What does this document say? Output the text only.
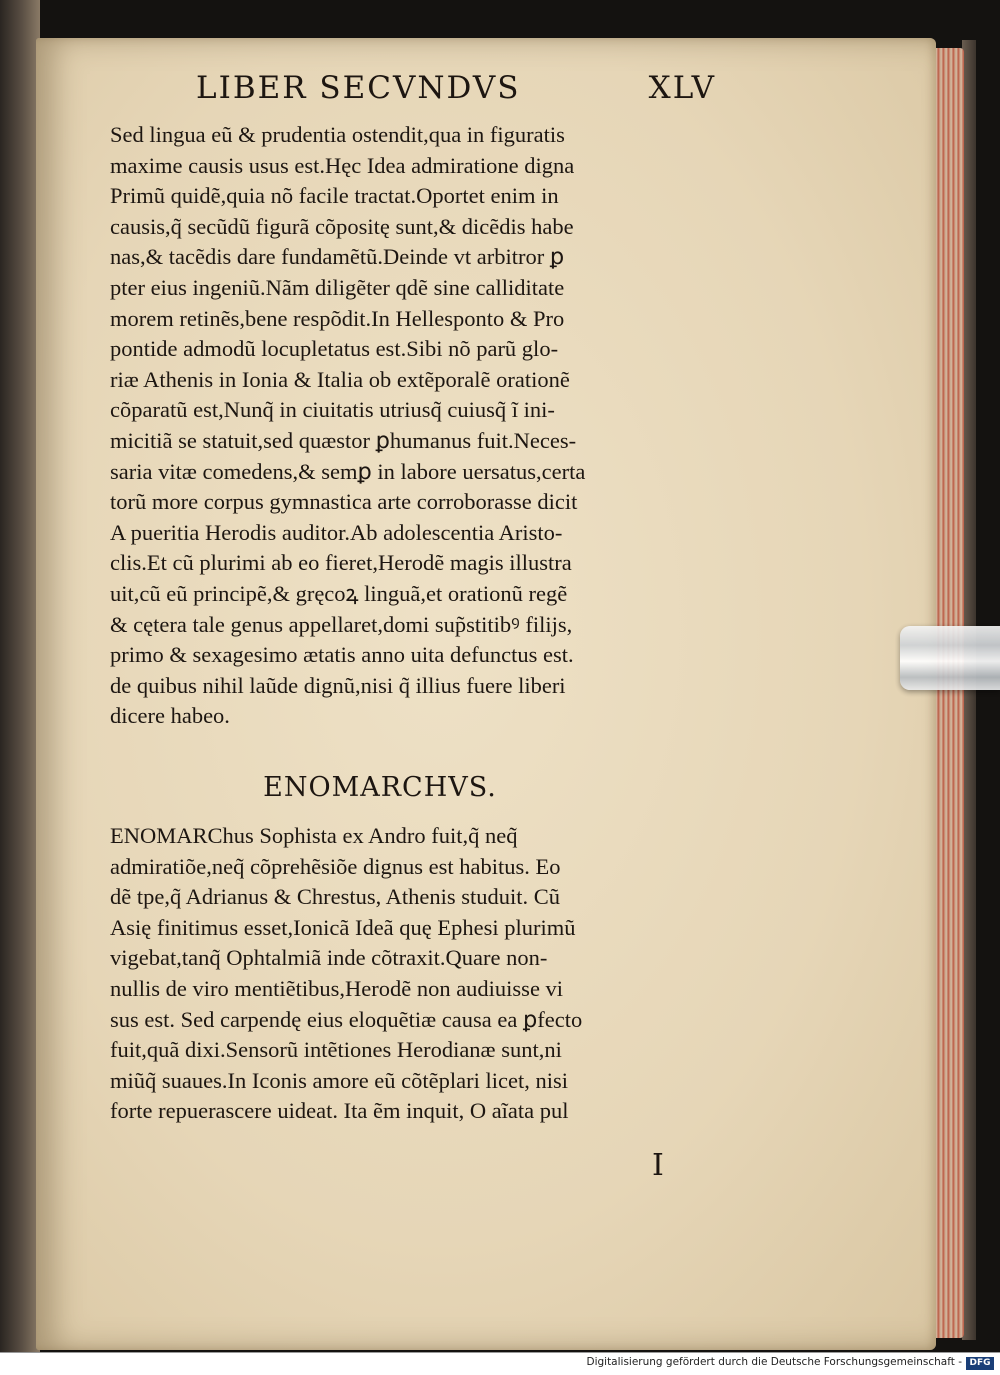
LIBER SECVNDVS	XLV
Sed lingua eũ & prudentia ostendit,qua in figuratis
maxime causis usus est.Hęc Idea admiratione digna
Primũ quidẽ,quia nõ facile tractat.Oportet enim in
causis,q̃ secũdũ figurã cõpositę sunt,& dicẽdis habe
nas,& tacẽdis dare fundamẽtũ.Deinde vt arbitror ꝑ
pter eius ingeniũ.Nãm diligẽter qdẽ sine calliditate
morem retinẽs,bene respõdit.In Hellesponto & Pro
pontide admodũ locupletatus est.Sibi nõ parũ glo-
riæ Athenis in Ionia & Italia ob extẽporalẽ orationẽ
cõparatũ est,Nunq̃ in ciuitatis utriusq̃ cuiusq̃ ĩ ini-
micitiã se statuit,sed quæstor ꝑhumanus fuit.Neces-
saria vitæ comedens,& semꝑ in labore uersatus,certa
torũ more corpus gymnastica arte corroborasse dicit
A pueritia Herodis auditor.Ab adolescentia Aristo-
clis.Et cũ plurimi ab eo fieret,Herodẽ magis illustra
uit,cũ eũ principẽ,& gręcoꝝ linguã,et orationũ regẽ
& cętera tale genus appellaret,domi sup̃stitibꝰ filijs,
primo & sexagesimo ætatis anno uita defunctus est.
de quibus nihil laũde dignũ,nisi q̃ illius fuere liberi
dicere habeo.
ENOMARCHVS.
ENOMARChus Sophista ex Andro fuit,q̃ neq̃
admiratiõe,neq̃ cõprehẽsiõe dignus est habitus. Eo
dẽ tpe,q̃ Adrianus & Chrestus, Athenis studuit. Cũ
Asię finitimus esset,Ionicã Ideã quę Ephesi plurimũ
vigebat,tanq̃ Ophtalmiã inde cõtraxit.Quare non-
nullis de viro mentiẽtibus,Herodẽ non audiuisse vi
sus est. Sed carpendę eius eloquẽtiæ causa ea ꝑfecto
fuit,quã dixi.Sensorũ intẽtiones Herodianæ sunt,ni
miũq̃ suaues.In Iconis amore eũ cõtẽplari licet, nisi
forte repuerascere uideat. Ita ẽm inquit, O aĩata pul
I
Digitalisierung gefördert durch die Deutsche Forschungsgemeinschaft - DFG
